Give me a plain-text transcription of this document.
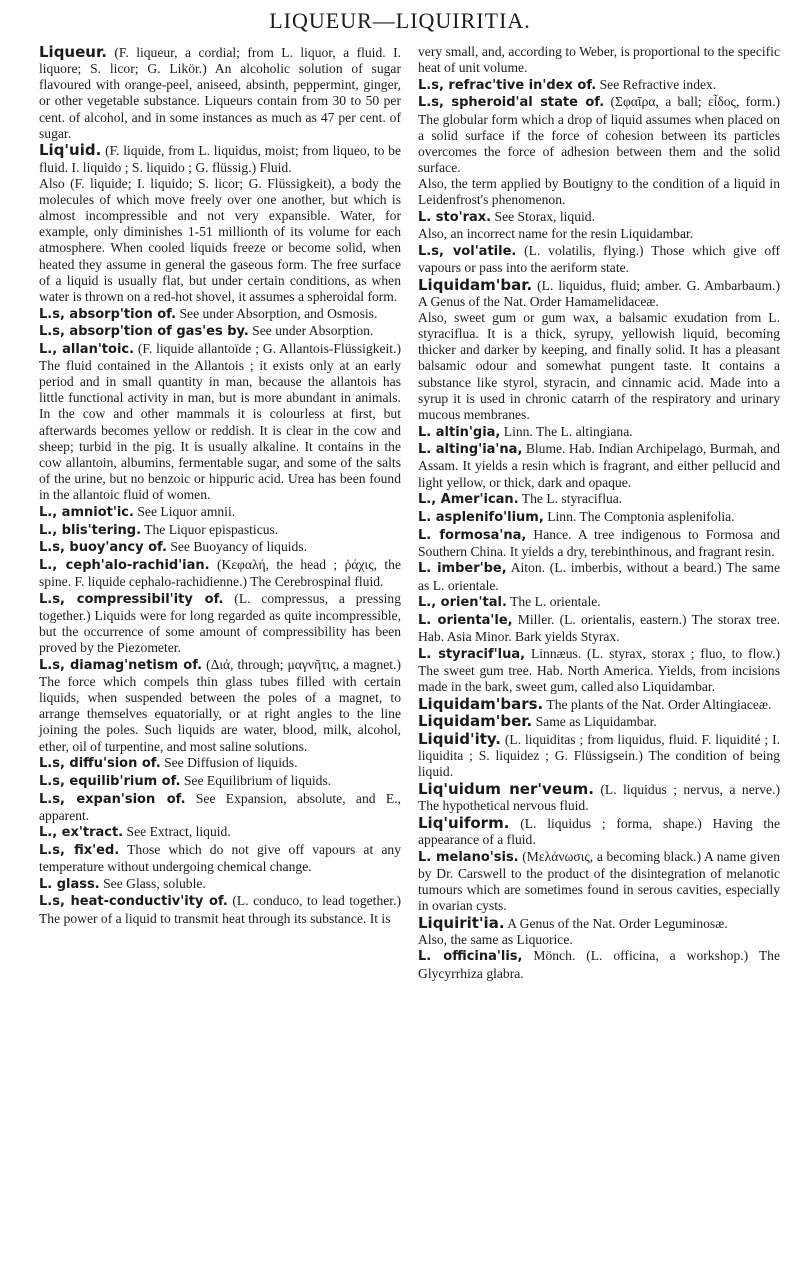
LIQUEUR—LIQUIRITIA.

Liqueur. (F. liqueur, a cordial; from L. liquor, a fluid. I. liquore; S. licor; G. Likör.) An alcoholic solution of sugar flavoured with orange-peel, aniseed, absinth, peppermint, ginger, or other vegetable substance. Liqueurs contain from 30 to 50 per cent. of alcohol, and in some instances as much as 47 per cent. of sugar.

Liq'uid. (F. liquide, from L. liquidus, moist; from liqueo, to be fluid. I. liquido ; S. liquido ; G. flüssig.) Fluid.

Also (F. liquide; I. liquido; S. licor; G. Flüssigkeit), a body the molecules of which move freely over one another, but which is almost incompressible and not very expansible. Water, for example, only diminishes 1-51 millionth of its volume for each atmosphere. When cooled liquids freeze or become solid, when heated they assume in general the gaseous form. The free surface of a liquid is usually flat, but under certain conditions, as when water is thrown on a red-hot shovel, it assumes a spheroidal form.

L.s, absorp'tion of. See under Absorption, and Osmosis.

L.s, absorp'tion of gas'es by. See under Absorption.

L., allan'toic. (F. liquide allantoïde ; G. Allantois-Flüssigkeit.) The fluid contained in the Allantois ; it exists only at an early period and in small quantity in man, because the allantois has little functional activity in man, but is more abundant in animals. In the cow and other mammals it is colourless at first, but afterwards becomes yellow or reddish. It is clear in the cow and sheep; turbid in the pig. It is usually alkaline. It contains in the cow allantoin, albumins, fermentable sugar, and some of the salts of the urine, but no benzoic or hippuric acid. Urea has been found in the allantoic fluid of women.

L., amniot'ic. See Liquor amnii.

L., blis'tering. The Liquor epispasticus.

L.s, buoy'ancy of. See Buoyancy of liquids.

L., ceph'alo-rachid'ian. (Κεφαλή, the head ; ῥάχις, the spine. F. liquide cephalo-rachidienne.) The Cerebrospinal fluid.

L.s, compressibil'ity of. (L. compressus, a pressing together.) Liquids were for long regarded as quite incompressible, but the occurrence of some amount of compressibility has been proved by the Piezometer.

L.s, diamag'netism of. (Διά, through; μαγνῆτις, a magnet.) The force which compels thin glass tubes filled with certain liquids, when suspended between the poles of a magnet, to arrange themselves equatorially, or at right angles to the line joining the poles. Such liquids are water, blood, milk, alcohol, ether, oil of turpentine, and most saline solutions.

L.s, diffu'sion of. See Diffusion of liquids.

L.s, equilib'rium of. See Equilibrium of liquids.

L.s, expan'sion of. See Expansion, absolute, and E., apparent.

L., ex'tract. See Extract, liquid.

L.s, fix'ed. Those which do not give off vapours at any temperature without undergoing chemical change.

L. glass. See Glass, soluble.

L.s, heat-conductiv'ity of. (L. conduco, to lead together.) The power of a liquid to transmit heat through its substance. It is

very small, and, according to Weber, is proportional to the specific heat of unit volume.

L.s, refrac'tive in'dex of. See Refractive index.

L.s, spheroid'al state of. (Σφαῖρα, a ball; εἶδος, form.) The globular form which a drop of liquid assumes when placed on a solid surface if the force of cohesion between its particles overcomes the force of adhesion between them and the solid surface.

Also, the term applied by Boutigny to the condition of a liquid in Leidenfrost's phenomenon.

L. sto'rax. See Storax, liquid.

Also, an incorrect name for the resin Liquidambar.

L.s, vol'atile. (L. volatilis, flying.) Those which give off vapours or pass into the aeriform state.

Liquidam'bar. (L. liquidus, fluid; amber. G. Ambarbaum.) A Genus of the Nat. Order Hamamelidaceæ.

Also, sweet gum or gum wax, a balsamic exudation from L. styraciflua. It is a thick, syrupy, yellowish liquid, becoming thicker and darker by keeping, and finally solid. It has a pleasant balsamic odour and somewhat pungent taste. It contains a substance like styrol, styracin, and cinnamic acid. Made into a syrup it is used in chronic catarrh of the respiratory and urinary mucous membranes.

L. altin'gia, Linn. The L. altingiana.

L. alting'ia'na, Blume. Hab. Indian Archipelago, Burmah, and Assam. It yields a resin which is fragrant, and either pellucid and light yellow, or thick, dark and opaque.

L., Amer'ican. The L. styraciflua.

L. asplenifo'lium, Linn. The Comptonia asplenifolia.

L. formosa'na, Hance. A tree indigenous to Formosa and Southern China. It yields a dry, terebinthinous, and fragrant resin.

L. imber'be, Aiton. (L. imberbis, without a beard.) The same as L. orientale.

L., orien'tal. The L. orientale.

L. orienta'le, Miller. (L. orientalis, eastern.) The storax tree. Hab. Asia Minor. Bark yields Styrax.

L. styracif'lua, Linnæus. (L. styrax, storax ; fluo, to flow.) The sweet gum tree. Hab. North America. Yields, from incisions made in the bark, sweet gum, called also Liquidambar.

Liquidam'bars. The plants of the Nat. Order Altingiaceæ.

Liquidam'ber. Same as Liquidambar.

Liquid'ity. (L. liquiditas ; from liquidus, fluid. F. liquidité ; I. liquidita ; S. liquidez ; G. Flüssigsein.) The condition of being liquid.

Liq'uidum ner'veum. (L. liquidus ; nervus, a nerve.) The hypothetical nervous fluid.

Liq'uiform. (L. liquidus ; forma, shape.) Having the appearance of a fluid.

L. melano'sis. (Μελάνωσις, a becoming black.) A name given by Dr. Carswell to the product of the disintegration of melanotic tumours which are sometimes found in serous cavities, especially in ovarian cysts.

Liquirit'ia. A Genus of the Nat. Order Leguminosæ.

Also, the same as Liquorice.

L. officina'lis, Mönch. (L. officina, a workshop.) The Glycyrrhiza glabra.
